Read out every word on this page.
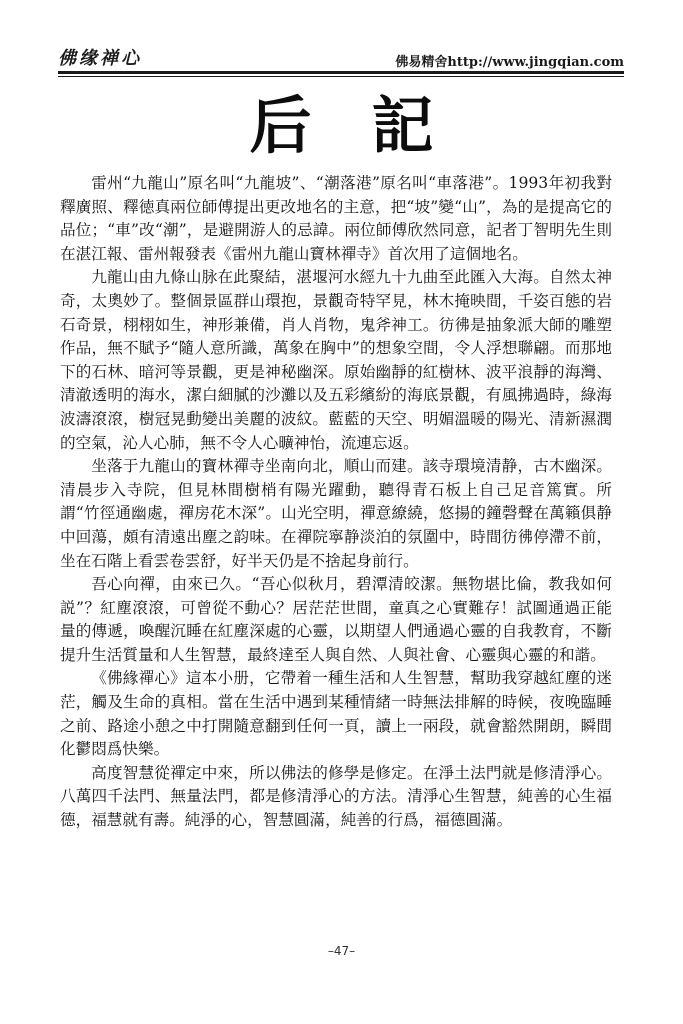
佛缘禅心	佛易精舍http://www.jingqian.com
后記

雷州“九龍山”原名叫“九龍坡”、“潮落港”原名叫“車落港”。1993年初我對釋廣照、釋徳真兩位師傅提出更改地名的主意，把“坡”變“山”，為的是提高它的品位；“車”改“潮”，是避開游人的忌諱。兩位師傅欣然同意，記者丁智明先生則在湛江報、雷州報發表《雷州九龍山寶林禪寺》首次用了這個地名。

九龍山由九條山脉在此聚結，湛堰河水經九十九曲至此匯入大海。自然太神奇，太奧妙了。整個景區群山環抱，景觀奇特罕見，林木掩映間，千姿百態的岩石奇景，栩栩如生，神形兼備，肖人肖物，鬼斧神工。彷彿是抽象派大師的雕塑作品，無不賦予“隨人意所識，萬象在胸中”的想象空間，令人浮想聯翩。而那地下的石林、暗河等景觀，更是神秘幽深。原始幽靜的紅樹林、波平浪靜的海灣、清澈透明的海水，潔白細膩的沙灘以及五彩繽紛的海底景觀，有風拂過時，綠海波濤滾滾，樹冠晃動變出美麗的波紋。藍藍的天空、明媚溫暖的陽光、清新濕潤的空氣，沁人心肺，無不令人心曠神怡，流連忘返。

坐落于九龍山的寶林禪寺坐南向北，順山而建。該寺環境清静，古木幽深。清晨步入寺院，但見林間樹梢有陽光躍動，聽得青石板上自己足音篤實。所謂“竹徑通幽處，禪房花木深”。山光空明，禪意繚繞，悠揚的鐘磬聲在萬籟俱静中回蕩，頗有清遠出塵之韵味。在禪院寧静淡泊的氛圍中，時間彷彿停滯不前，坐在石階上看雲卷雲舒，好半天仍是不捨起身前行。

吾心向禪，由來已久。“吾心似秋月，碧潭清皎潔。無物堪比倫，教我如何説”？紅塵滾滾，可曾從不動心？居茫茫世間，童真之心實難存！試圖通過正能量的傳遞，喚醒沉睡在紅塵深處的心靈，以期望人們通過心靈的自我教育，不斷提升生活質量和人生智慧，最終達至人與自然、人與社會、心靈與心靈的和諧。

《佛緣禪心》這本小册，它帶着一種生活和人生智慧，幫助我穿越紅塵的迷茫，觸及生命的真相。當在生活中遇到某種情緒一時無法排解的時候，夜晚臨睡之前、路途小憩之中打開隨意翻到任何一頁，讀上一兩段，就會豁然開朗，瞬間化鬱悶爲快樂。

高度智慧從禪定中來，所以佛法的修學是修定。在淨土法門就是修清淨心。八萬四千法門、無量法門，都是修清淨心的方法。清淨心生智慧，純善的心生福德，福慧就有壽。純淨的心，智慧圓滿，純善的行爲，福德圓滿。

–47–
